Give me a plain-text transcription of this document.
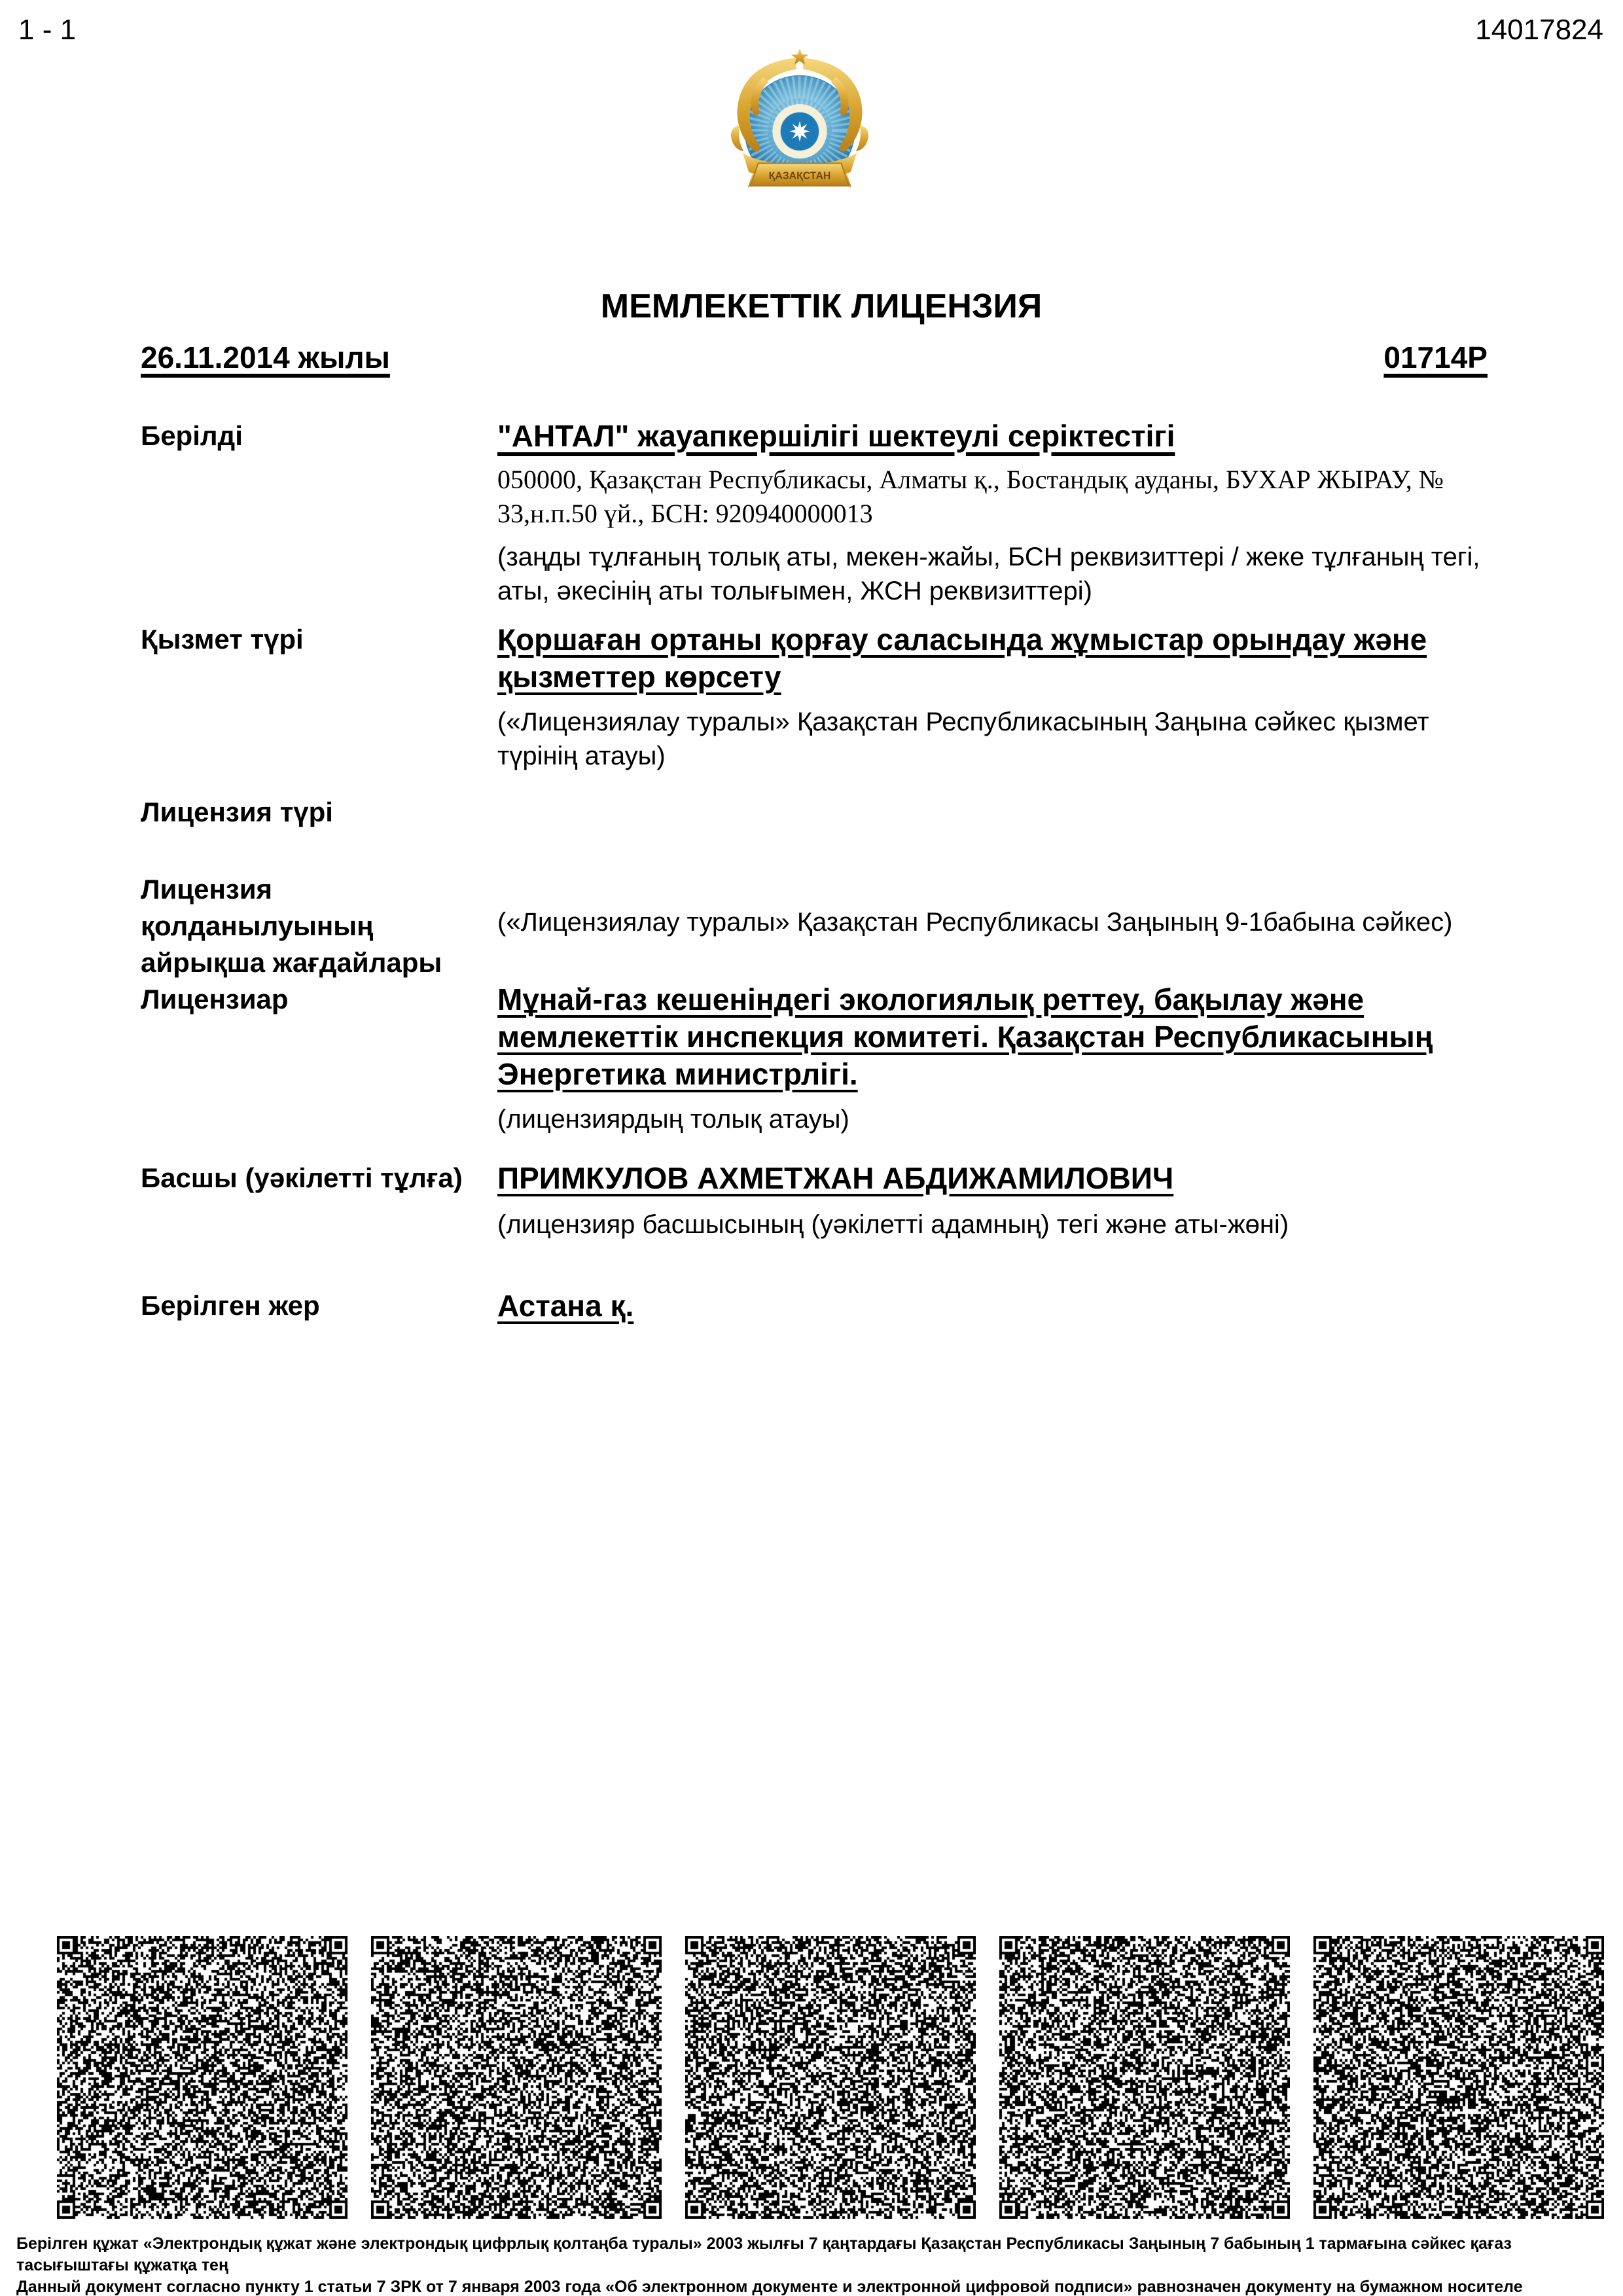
1 - 1	14017824
ҚАЗАҚСТАН
МЕМЛЕКЕТТІК ЛИЦЕНЗИЯ
26.11.2014 жылы	01714P
Берілді	"АНТАЛ" жауапкершілігі шектеулі серіктестігі
050000, Қазақстан Республикасы, Алматы қ., Бостандық ауданы, БУХАР ЖЫРАУ, № 33,н.п.50 үй., БСН: 920940000013
(заңды тұлғаның толық аты, мекен-жайы, БСН реквизиттері / жеке тұлғаның тегі, аты, әкесінің аты толығымен, ЖСН реквизиттері)
Қызмет түрі	Қоршаған ортаны қорғау саласында жұмыстар орындау және қызметтер көрсету
(«Лицензиялау туралы» Қазақстан Республикасының Заңына сәйкес қызмет түрінің атауы)
Лицензия түрі
Лицензия қолданылуының айрықша жағдайлары
(«Лицензиялау туралы» Қазақстан Республикасы Заңының 9-1бабына сәйкес)
Лицензиар	Мұнай-газ кешеніндегі экологиялық реттеу, бақылау және мемлекеттік инспекция комитеті. Қазақстан Республикасының Энергетика министрлігі.
(лицензиярдың толық атауы)
Басшы (уәкілетті тұлға)	ПРИМКУЛОВ АХМЕТЖАН АБДИЖАМИЛОВИЧ
(лицензияр басшысының (уәкілетті адамның) тегі және аты-жөні)
Берілген жер	Астана қ.
Берілген құжат «Электрондық құжат және электрондық цифрлық қолтаңба туралы» 2003 жылғы 7 қаңтардағы Қазақстан Республикасы Заңының 7 бабының 1 тармағына сәйкес қағаз тасығыштағы құжатқа тең
Данный документ согласно пункту 1 статьи 7 ЗРК от 7 января 2003 года «Об электронном документе и электронной цифровой подписи» равнозначен документу на бумажном носителе
